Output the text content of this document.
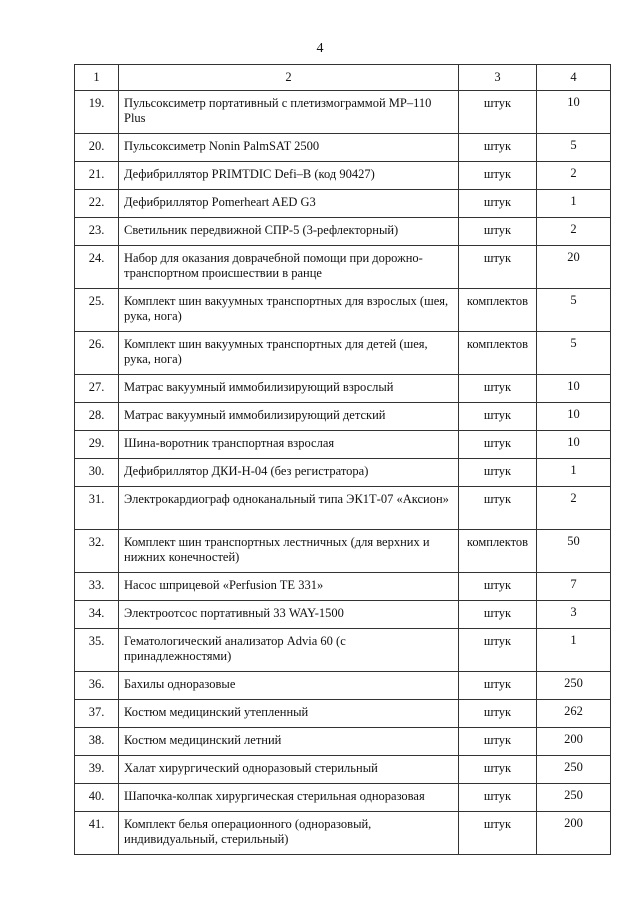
4
1	2	3	4
19.	Пульсоксиметр портативный с плетизмограммой МР–110 Plus	штук	10
20.	Пульсоксиметр Nonin PalmSAT 2500	штук	5
21.	Дефибриллятор PRIMTDIC Defi–B (код 90427)	штук	2
22.	Дефибриллятор Pomerheart AED G3	штук	1
23.	Светильник передвижной СПР-5 (3-рефлекторный)	штук	2
24.	Набор для оказания доврачебной помощи при дорожно-транспортном происшествии в ранце	штук	20
25.	Комплект шин вакуумных транспортных для взрослых (шея, рука, нога)	комплектов	5
26.	Комплект шин вакуумных транспортных для детей (шея, рука, нога)	комплектов	5
27.	Матрас вакуумный иммобилизирующий взрослый	штук	10
28.	Матрас вакуумный иммобилизирующий детский	штук	10
29.	Шина-воротник транспортная взрослая	штук	10
30.	Дефибриллятор ДКИ-Н-04 (без регистратора)	штук	1
31.	Электрокардиограф одноканальный типа ЭК1Т-07 «Аксион»	штук	2
32.	Комплект шин транспортных лестничных (для верхних и нижних конечностей)	комплектов	50
33.	Насос шприцевой «Perfusion TE 331»	штук	7
34.	Электроотсос портативный 33 WAY-1500	штук	3
35.	Гематологический анализатор Advia 60 (с принадлежностями)	штук	1
36.	Бахилы одноразовые	штук	250
37.	Костюм медицинский утепленный	штук	262
38.	Костюм медицинский летний	штук	200
39.	Халат хирургический одноразовый стерильный	штук	250
40.	Шапочка-колпак хирургическая стерильная одноразовая	штук	250
41.	Комплект белья операционного (одноразовый, индивидуальный, стерильный)	штук	200
